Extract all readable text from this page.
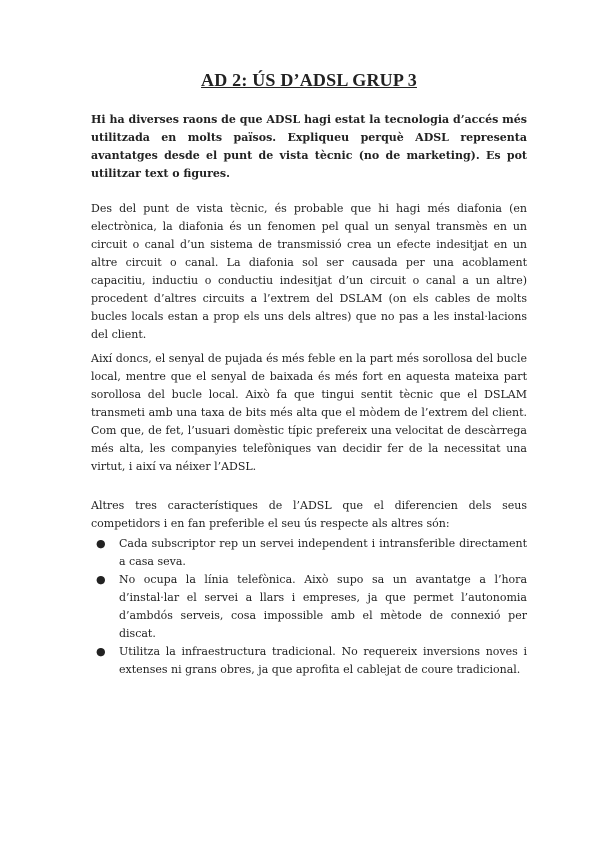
AD 2: ÚS D’ADSL GRUP 3

Hi ha diverses raons de que ADSL hagi estat la tecnologia d’accés més utilitzada en molts països. Expliqueu perquè ADSL representa avantatges desde el punt de vista tècnic (no de marketing). Es pot utilitzar text o figures.

Des del punt de vista tècnic, és probable que hi hagi més diafonia (en electrònica, la diafonia és un fenomen pel qual un senyal transmès en un circuit o canal d’un sistema de transmissió crea un efecte indesitjat en un altre circuit o canal. La diafonia sol ser causada per una acoblament capacitiu, inductiu o conductiu indesitjat d’un circuit o canal a un altre) procedent d’altres circuits a l’extrem del DSLAM (on els cables de molts bucles locals estan a prop els uns dels altres) que no pas a les instal·lacions del client.

Així doncs, el senyal de pujada és més feble en la part més sorollosa del bucle local, mentre que el senyal de baixada és més fort en aquesta mateixa part sorollosa del bucle local. Això fa que tingui sentit tècnic que el DSLAM transmeti amb una taxa de bits més alta que el mòdem de l’extrem del client. Com que, de fet, l’usuari domèstic típic prefereix una velocitat de descàrrega més alta, les companyies telefòniques van decidir fer de la necessitat una virtut, i així va néixer l’ADSL.

Altres tres característiques de l’ADSL que el diferencien dels seus competidors i en fan preferible el seu ús respecte als altres són:

● Cada subscriptor rep un servei independent i intransferible directament a casa seva.
● No ocupa la línia telefònica. Això supo sa un avantatge a l’hora d’instal·lar el servei a llars i empreses, ja que permet l’autonomia d’ambdós serveis, cosa impossible amb el mètode de connexió per discat.
● Utilitza la infraestructura tradicional. No requereix inversions noves i extenses ni grans obres, ja que aprofita el cablejat de coure tradicional.
